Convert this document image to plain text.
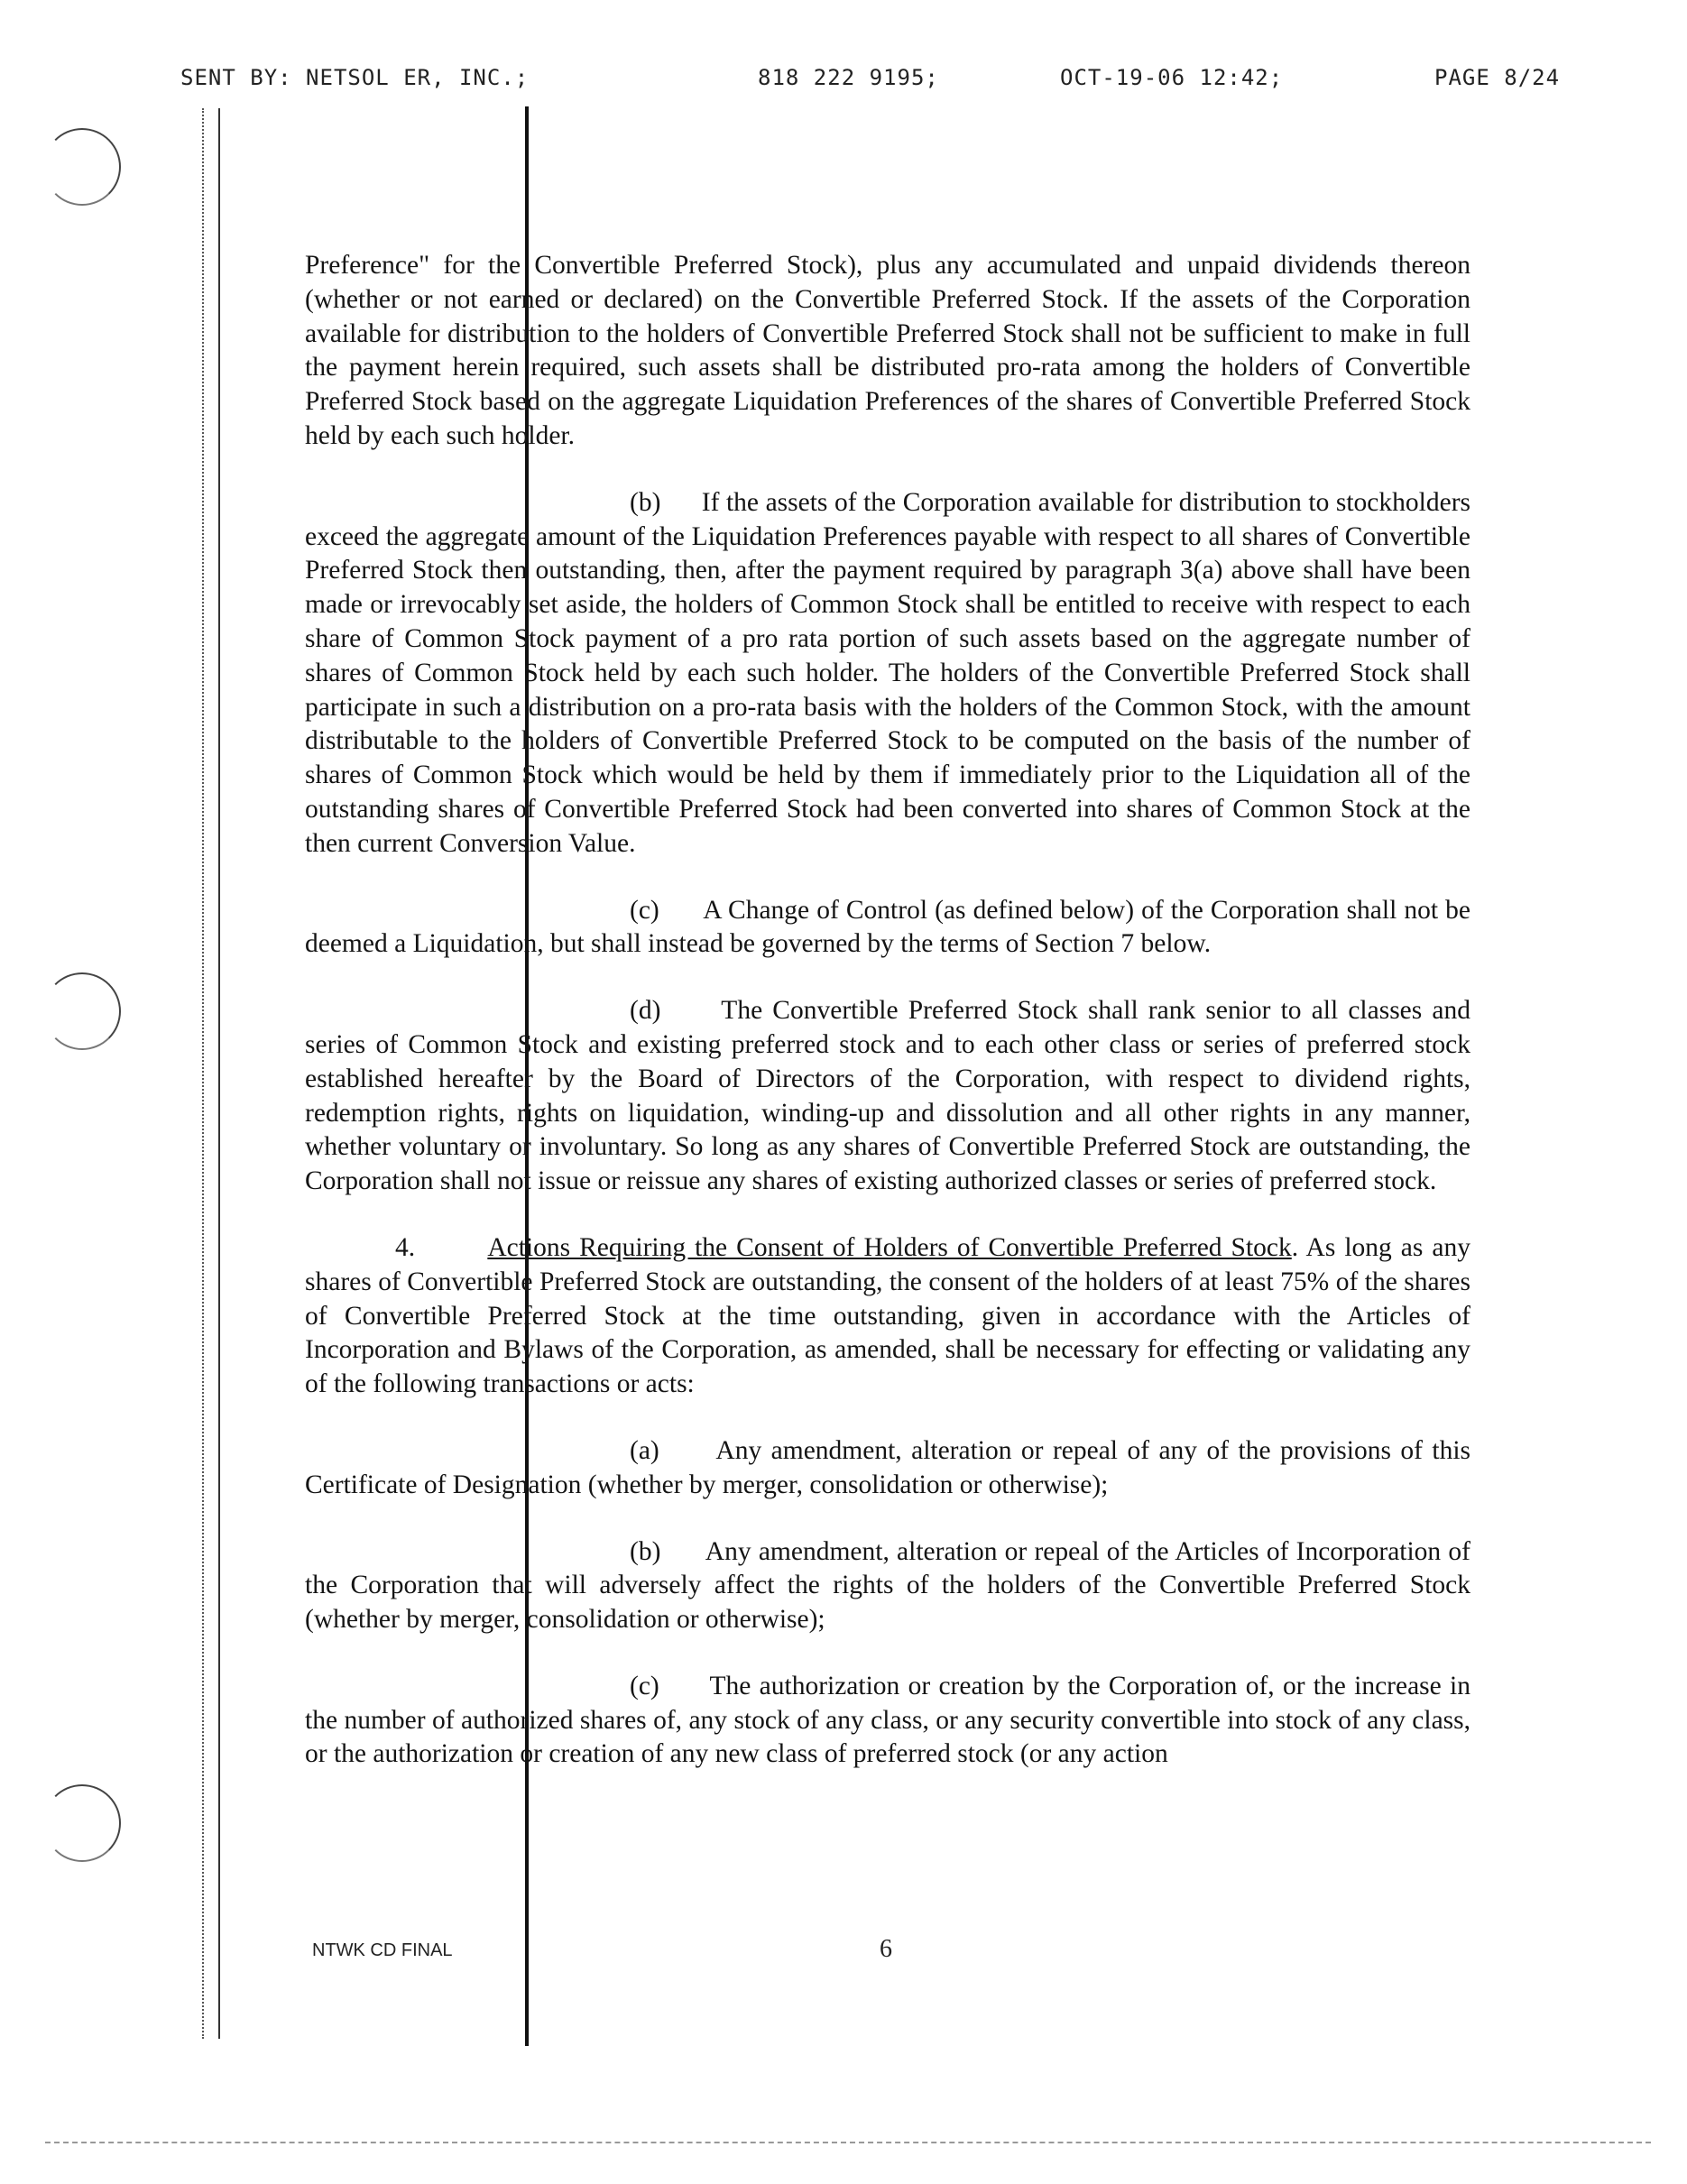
SENT BY: NETSOL ER, INC.;	818 222 9195;	OCT-19-06 12:42;	PAGE 8/24

Preference" for the Convertible Preferred Stock), plus any accumulated and unpaid dividends thereon (whether or not earned or declared) on the Convertible Preferred Stock. If the assets of the Corporation available for distribution to the holders of Convertible Preferred Stock shall not be sufficient to make in full the payment herein required, such assets shall be distributed pro-rata among the holders of Convertible Preferred Stock based on the aggregate Liquidation Preferences of the shares of Convertible Preferred Stock held by each such holder.

(b) If the assets of the Corporation available for distribution to stockholders exceed the aggregate amount of the Liquidation Preferences payable with respect to all shares of Convertible Preferred Stock then outstanding, then, after the payment required by paragraph 3(a) above shall have been made or irrevocably set aside, the holders of Common Stock shall be entitled to receive with respect to each share of Common Stock payment of a pro rata portion of such assets based on the aggregate number of shares of Common Stock held by each such holder. The holders of the Convertible Preferred Stock shall participate in such a distribution on a pro-rata basis with the holders of the Common Stock, with the amount distributable to the holders of Convertible Preferred Stock to be computed on the basis of the number of shares of Common Stock which would be held by them if immediately prior to the Liquidation all of the outstanding shares of Convertible Preferred Stock had been converted into shares of Common Stock at the then current Conversion Value.

(c) A Change of Control (as defined below) of the Corporation shall not be deemed a Liquidation, but shall instead be governed by the terms of Section 7 below.

(d) The Convertible Preferred Stock shall rank senior to all classes and series of Common Stock and existing preferred stock and to each other class or series of preferred stock established hereafter by the Board of Directors of the Corporation, with respect to dividend rights, redemption rights, rights on liquidation, winding-up and dissolution and all other rights in any manner, whether voluntary or involuntary. So long as any shares of Convertible Preferred Stock are outstanding, the Corporation shall not issue or reissue any shares of existing authorized classes or series of preferred stock.

4.	Actions Requiring the Consent of Holders of Convertible Preferred Stock. As long as any shares of Convertible Preferred Stock are outstanding, the consent of the holders of at least 75% of the shares of Convertible Preferred Stock at the time outstanding, given in accordance with the Articles of Incorporation and Bylaws of the Corporation, as amended, shall be necessary for effecting or validating any of the following transactions or acts:

(a) Any amendment, alteration or repeal of any of the provisions of this Certificate of Designation (whether by merger, consolidation or otherwise);

(b) Any amendment, alteration or repeal of the Articles of Incorporation of the Corporation that will adversely affect the rights of the holders of the Convertible Preferred Stock (whether by merger, consolidation or otherwise);

(c) The authorization or creation by the Corporation of, or the increase in the number of authorized shares of, any stock of any class, or any security convertible into stock of any class, or the authorization or creation of any new class of preferred stock (or any action

NTWK CD FINAL	6
